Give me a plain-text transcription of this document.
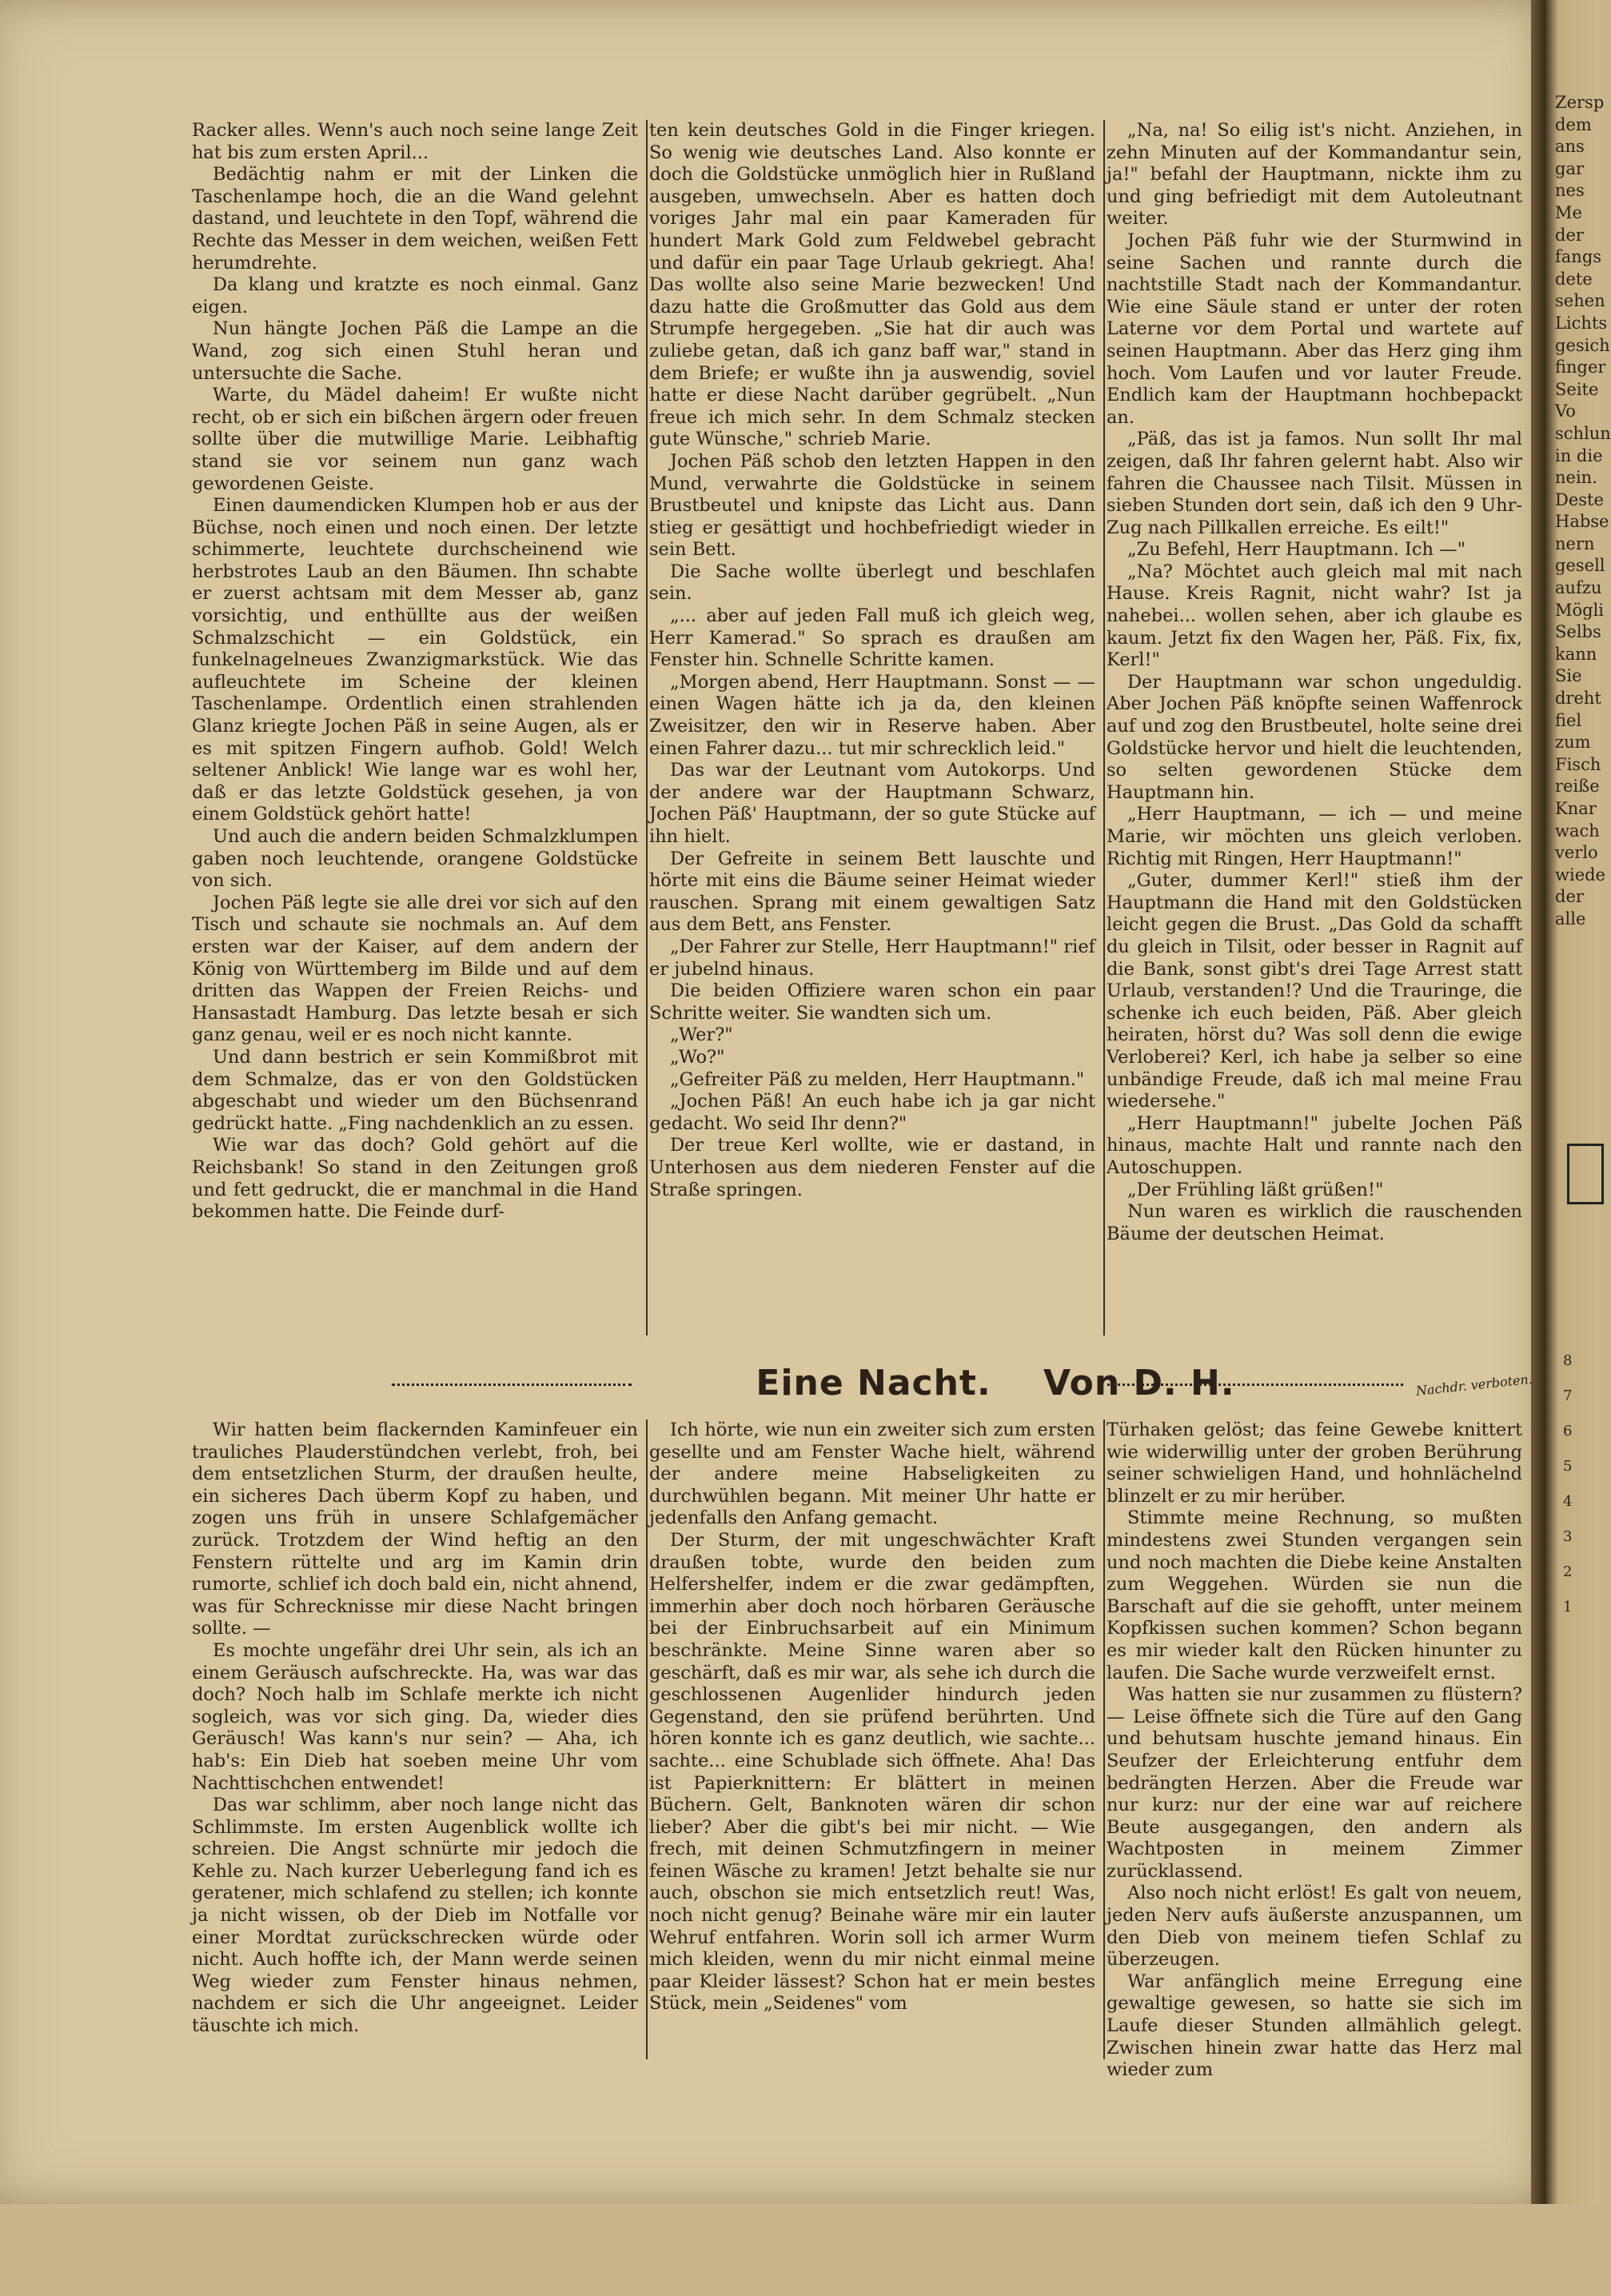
Racker alles. Wenn's auch noch seine lange Zeit hat bis zum ersten April...

Bedächtig nahm er mit der Linken die Taschenlampe hoch, die an die Wand gelehnt dastand, und leuchtete in den Topf, während die Rechte das Messer in dem weichen, weißen Fett herumdrehte.

Da klang und kratzte es noch einmal. Ganz eigen.

Nun hängte Jochen Päß die Lampe an die Wand, zog sich einen Stuhl heran und untersuchte die Sache.

Warte, du Mädel daheim! Er wußte nicht recht, ob er sich ein bißchen ärgern oder freuen sollte über die mutwillige Marie. Leibhaftig stand sie vor seinem nun ganz wach gewordenen Geiste.

Einen daumendicken Klumpen hob er aus der Büchse, noch einen und noch einen. Der letzte schimmerte, leuchtete durchscheinend wie herbstrotes Laub an den Bäumen. Ihn schabte er zuerst achtsam mit dem Messer ab, ganz vorsichtig, und enthüllte aus der weißen Schmalzschicht — ein Goldstück, ein funkelnagelneues Zwanzigmarkstück. Wie das aufleuchtete im Scheine der kleinen Taschenlampe. Ordentlich einen strahlenden Glanz kriegte Jochen Päß in seine Augen, als er es mit spitzen Fingern aufhob. Gold! Welch seltener Anblick! Wie lange war es wohl her, daß er das letzte Goldstück gesehen, ja von einem Goldstück gehört hatte!

Und auch die andern beiden Schmalzklumpen gaben noch leuchtende, orangene Goldstücke von sich.

Jochen Päß legte sie alle drei vor sich auf den Tisch und schaute sie nochmals an. Auf dem ersten war der Kaiser, auf dem andern der König von Württemberg im Bilde und auf dem dritten das Wappen der Freien Reichs- und Hansastadt Hamburg. Das letzte besah er sich ganz genau, weil er es noch nicht kannte.

Und dann bestrich er sein Kommißbrot mit dem Schmalze, das er von den Goldstücken abgeschabt und wieder um den Büchsenrand gedrückt hatte. „Fing nachdenklich an zu essen.

Wie war das doch? Gold gehört auf die Reichsbank! So stand in den Zeitungen groß und fett gedruckt, die er manchmal in die Hand bekommen hatte. Die Feinde durf-

ten kein deutsches Gold in die Finger kriegen. So wenig wie deutsches Land. Also konnte er doch die Goldstücke unmöglich hier in Rußland ausgeben, umwechseln. Aber es hatten doch voriges Jahr mal ein paar Kameraden für hundert Mark Gold zum Feldwebel gebracht und dafür ein paar Tage Urlaub gekriegt. Aha! Das wollte also seine Marie bezwecken! Und dazu hatte die Großmutter das Gold aus dem Strumpfe hergegeben. „Sie hat dir auch was zuliebe getan, daß ich ganz baff war," stand in dem Briefe; er wußte ihn ja auswendig, soviel hatte er diese Nacht darüber gegrübelt. „Nun freue ich mich sehr. In dem Schmalz stecken gute Wünsche," schrieb Marie.

Jochen Päß schob den letzten Happen in den Mund, verwahrte die Goldstücke in seinem Brustbeutel und knipste das Licht aus. Dann stieg er gesättigt und hochbefriedigt wieder in sein Bett.

Die Sache wollte überlegt und beschlafen sein.

„... aber auf jeden Fall muß ich gleich weg, Herr Kamerad." So sprach es draußen am Fenster hin. Schnelle Schritte kamen.

„Morgen abend, Herr Hauptmann. Sonst — — einen Wagen hätte ich ja da, den kleinen Zweisitzer, den wir in Reserve haben. Aber einen Fahrer dazu... tut mir schrecklich leid."

Das war der Leutnant vom Autokorps. Und der andere war der Hauptmann Schwarz, Jochen Päß' Hauptmann, der so gute Stücke auf ihn hielt.

Der Gefreite in seinem Bett lauschte und hörte mit eins die Bäume seiner Heimat wieder rauschen. Sprang mit einem gewaltigen Satz aus dem Bett, ans Fenster.

„Der Fahrer zur Stelle, Herr Hauptmann!" rief er jubelnd hinaus.

Die beiden Offiziere waren schon ein paar Schritte weiter. Sie wandten sich um.

„Wer?"

„Wo?"

„Gefreiter Päß zu melden, Herr Hauptmann."

„Jochen Päß! An euch habe ich ja gar nicht gedacht. Wo seid Ihr denn?"

Der treue Kerl wollte, wie er dastand, in Unterhosen aus dem niederen Fenster auf die Straße springen.

„Na, na! So eilig ist's nicht. Anziehen, in zehn Minuten auf der Kommandantur sein, ja!" befahl der Hauptmann, nickte ihm zu und ging befriedigt mit dem Autoleutnant weiter.

Jochen Päß fuhr wie der Sturmwind in seine Sachen und rannte durch die nachtstille Stadt nach der Kommandantur. Wie eine Säule stand er unter der roten Laterne vor dem Portal und wartete auf seinen Hauptmann. Aber das Herz ging ihm hoch. Vom Laufen und vor lauter Freude. Endlich kam der Hauptmann hochbepackt an.

„Päß, das ist ja famos. Nun sollt Ihr mal zeigen, daß Ihr fahren gelernt habt. Also wir fahren die Chaussee nach Tilsit. Müssen in sieben Stunden dort sein, daß ich den 9 Uhr-Zug nach Pillkallen erreiche. Es eilt!"

„Zu Befehl, Herr Hauptmann. Ich —"

„Na? Möchtet auch gleich mal mit nach Hause. Kreis Ragnit, nicht wahr? Ist ja nahebei... wollen sehen, aber ich glaube es kaum. Jetzt fix den Wagen her, Päß. Fix, fix, Kerl!"

Der Hauptmann war schon ungeduldig. Aber Jochen Päß knöpfte seinen Waffenrock auf und zog den Brustbeutel, holte seine drei Goldstücke hervor und hielt die leuchtenden, so selten gewordenen Stücke dem Hauptmann hin.

„Herr Hauptmann, — ich — und meine Marie, wir möchten uns gleich verloben. Richtig mit Ringen, Herr Hauptmann!"

„Guter, dummer Kerl!" stieß ihm der Hauptmann die Hand mit den Goldstücken leicht gegen die Brust. „Das Gold da schafft du gleich in Tilsit, oder besser in Ragnit auf die Bank, sonst gibt's drei Tage Arrest statt Urlaub, verstanden!? Und die Trauringe, die schenke ich euch beiden, Päß. Aber gleich heiraten, hörst du? Was soll denn die ewige Verloberei? Kerl, ich habe ja selber so eine unbändige Freude, daß ich mal meine Frau wiedersehe."

„Herr Hauptmann!" jubelte Jochen Päß hinaus, machte Halt und rannte nach den Autoschuppen.

„Der Frühling läßt grüßen!"

Nun waren es wirklich die rauschenden Bäume der deutschen Heimat.

Eine Nacht. Von D. H.	Nachdr. verboten.

Wir hatten beim flackernden Kaminfeuer ein trauliches Plauderstündchen verlebt, froh, bei dem entsetzlichen Sturm, der draußen heulte, ein sicheres Dach überm Kopf zu haben, und zogen uns früh in unsere Schlafgemächer zurück. Trotzdem der Wind heftig an den Fenstern rüttelte und arg im Kamin drin rumorte, schlief ich doch bald ein, nicht ahnend, was für Schrecknisse mir diese Nacht bringen sollte. —

Es mochte ungefähr drei Uhr sein, als ich an einem Geräusch aufschreckte. Ha, was war das doch? Noch halb im Schlafe merkte ich nicht sogleich, was vor sich ging. Da, wieder dies Geräusch! Was kann's nur sein? — Aha, ich hab's: Ein Dieb hat soeben meine Uhr vom Nachttischchen entwendet!

Das war schlimm, aber noch lange nicht das Schlimmste. Im ersten Augenblick wollte ich schreien. Die Angst schnürte mir jedoch die Kehle zu. Nach kurzer Ueberlegung fand ich es geratener, mich schlafend zu stellen; ich konnte ja nicht wissen, ob der Dieb im Notfalle vor einer Mordtat zurückschrecken würde oder nicht. Auch hoffte ich, der Mann werde seinen Weg wieder zum Fenster hinaus nehmen, nachdem er sich die Uhr angeeignet. Leider täuschte ich mich.

Ich hörte, wie nun ein zweiter sich zum ersten gesellte und am Fenster Wache hielt, während der andere meine Habseligkeiten zu durchwühlen begann. Mit meiner Uhr hatte er jedenfalls den Anfang gemacht.

Der Sturm, der mit ungeschwächter Kraft draußen tobte, wurde den beiden zum Helfershelfer, indem er die zwar gedämpften, immerhin aber doch noch hörbaren Geräusche bei der Einbruchsarbeit auf ein Minimum beschränkte. Meine Sinne waren aber so geschärft, daß es mir war, als sehe ich durch die geschlossenen Augenlider hindurch jeden Gegenstand, den sie prüfend berührten. Und hören konnte ich es ganz deutlich, wie sachte... sachte... eine Schublade sich öffnete. Aha! Das ist Papierknittern: Er blättert in meinen Büchern. Gelt, Banknoten wären dir schon lieber? Aber die gibt's bei mir nicht. — Wie frech, mit deinen Schmutzfingern in meiner feinen Wäsche zu kramen! Jetzt behalte sie nur auch, obschon sie mich entsetzlich reut! Was, noch nicht genug? Beinahe wäre mir ein lauter Wehruf entfahren. Worin soll ich armer Wurm mich kleiden, wenn du mir nicht einmal meine paar Kleider lässest? Schon hat er mein bestes Stück, mein „Seidenes" vom

Türhaken gelöst; das feine Gewebe knittert wie widerwillig unter der groben Berührung seiner schwieligen Hand, und hohnlächelnd blinzelt er zu mir herüber.

Stimmte meine Rechnung, so mußten mindestens zwei Stunden vergangen sein und noch machten die Diebe keine Anstalten zum Weggehen. Würden sie nun die Barschaft auf die sie gehofft, unter meinem Kopfkissen suchen kommen? Schon begann es mir wieder kalt den Rücken hinunter zu laufen. Die Sache wurde verzweifelt ernst.

Was hatten sie nur zusammen zu flüstern? — Leise öffnete sich die Türe auf den Gang und behutsam huschte jemand hinaus. Ein Seufzer der Erleichterung entfuhr dem bedrängten Herzen. Aber die Freude war nur kurz: nur der eine war auf reichere Beute ausgegangen, den andern als Wachtposten in meinem Zimmer zurücklassend.

Also noch nicht erlöst! Es galt von neuem, jeden Nerv aufs äußerste anzuspannen, um den Dieb von meinem tiefen Schlaf zu überzeugen.

War anfänglich meine Erregung eine gewaltige gewesen, so hatte sie sich im Laufe dieser Stunden allmählich gelegt. Zwischen hinein zwar hatte das Herz mal wieder zum

Zersp
dem
ans
gar
nes
Me
der
fangs
dete
sehen
Lichts
gesich
finger
Seite
Vo
schlun
in die
nein.
Deste
Habse
nern
gesell
aufzu
Mögli
Selbs
kann
Sie
dreht
fiel
zum
Fisch
reiße
Knar
wach
verlo
wiede
der
alle
8
7
6
5
4
3
2
1
